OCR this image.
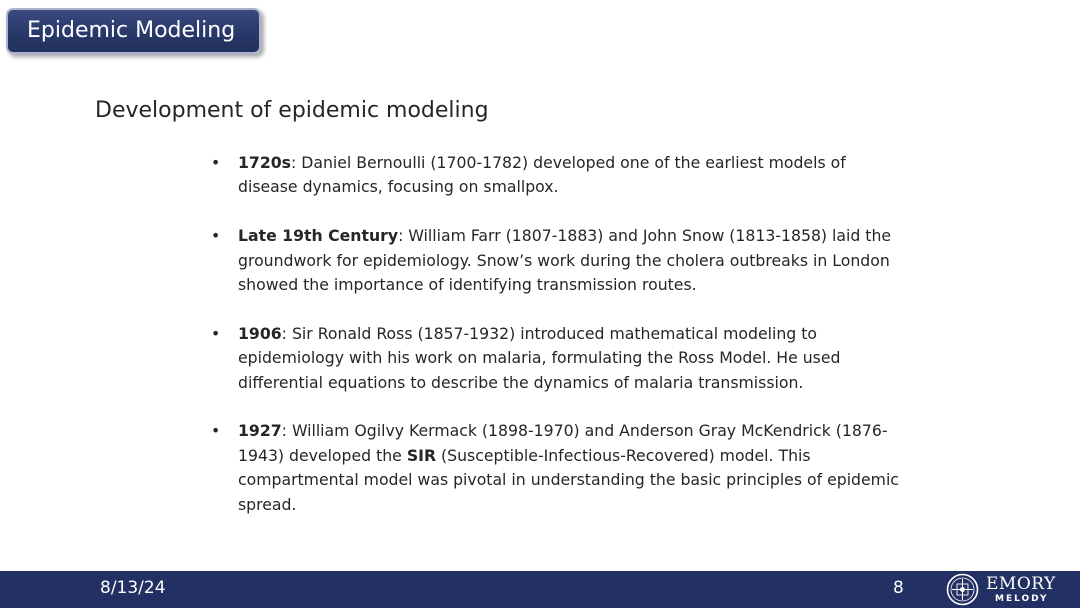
Epidemic Modeling
Development of epidemic modeling
• 1720s: Daniel Bernoulli (1700-1782) developed one of the earliest models of disease dynamics, focusing on smallpox.
• Late 19th Century: William Farr (1807-1883) and John Snow (1813-1858) laid the groundwork for epidemiology. Snow’s work during the cholera outbreaks in London showed the importance of identifying transmission routes.
• 1906: Sir Ronald Ross (1857-1932) introduced mathematical modeling to epidemiology with his work on malaria, formulating the Ross Model. He used differential equations to describe the dynamics of malaria transmission.
• 1927: William Ogilvy Kermack (1898-1970) and Anderson Gray McKendrick (1876-1943) developed the SIR (Susceptible-Infectious-Recovered) model. This compartmental model was pivotal in understanding the basic principles of epidemic spread.
8/13/24	8	EMORY
MELODY
